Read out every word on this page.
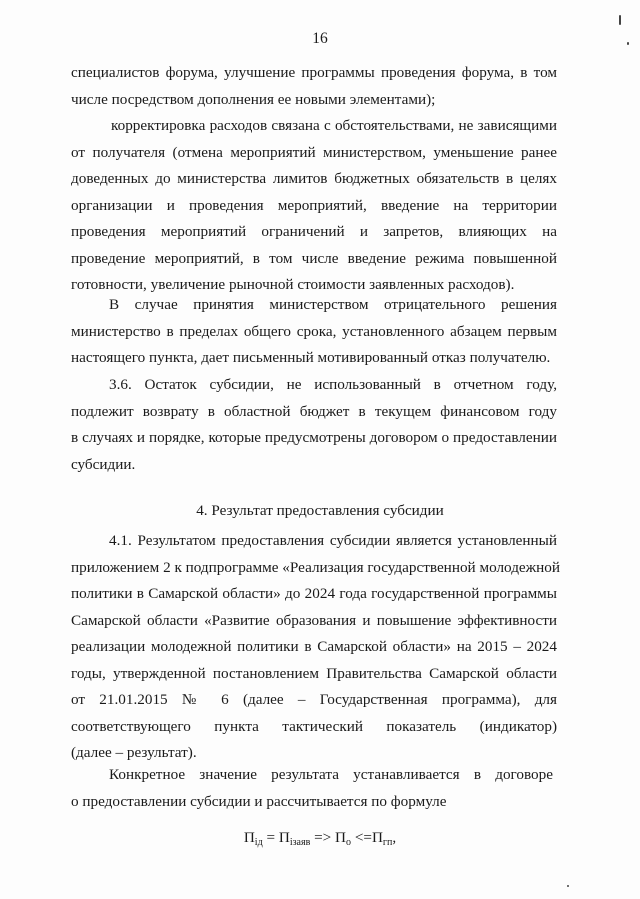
16
специалистов форума, улучшение программы проведения форума, в том
числе посредством дополнения ее новыми элементами);
корректировка расходов связана с обстоятельствами, не зависящими
от получателя (отмена мероприятий министерством, уменьшение ранее
доведенных до министерства лимитов бюджетных обязательств в целях
организации и проведения мероприятий, введение на территории
проведения мероприятий ограничений и запретов, влияющих на
проведение мероприятий, в том числе введение режима повышенной
готовности, увеличение рыночной стоимости заявленных расходов).
В случае принятия министерством отрицательного решения
министерство в пределах общего срока, установленного абзацем первым
настоящего пункта, дает письменный мотивированный отказ получателю.
3.6. Остаток субсидии, не использованный в отчетном году,
подлежит возврату в областной бюджет в текущем финансовом году
в случаях и порядке, которые предусмотрены договором о предоставлении
субсидии.
4. Результат предоставления субсидии
4.1. Результатом предоставления субсидии является установленный
приложением 2 к подпрограмме «Реализация государственной молодежной
политики в Самарской области» до 2024 года государственной программы
Самарской области «Развитие образования и повышение эффективности
реализации молодежной политики в Самарской области» на 2015 – 2024
годы, утвержденной постановлением Правительства Самарской области
от 21.01.2015 № 6 (далее – Государственная программа), для
соответствующего пункта тактический показатель (индикатор)
(далее – результат).
Конкретное значение результата устанавливается в договоре
о предоставлении субсидии и рассчитывается по формуле
$П_{iд} = П_{iзаяв} => П_о <=П_{гп}$,
